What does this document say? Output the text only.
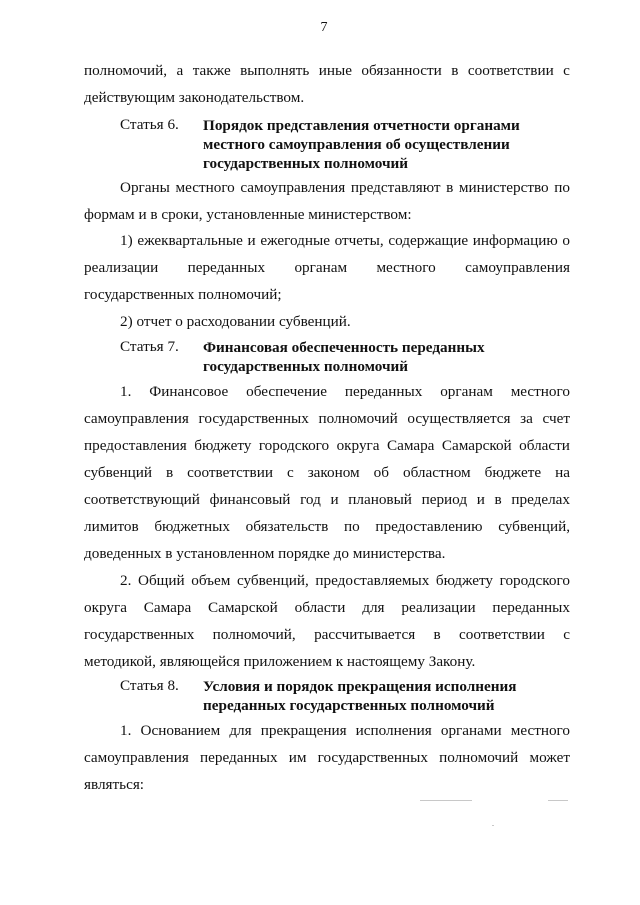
7
полномочий, а также выполнять иные обязанности в соответствии с
действующим законодательством.
Статья 6. Порядок представления отчетности органами
местного самоуправления об осуществлении
государственных полномочий
Органы местного самоуправления представляют в министерство по
формам и в сроки, установленные министерством:
1) ежеквартальные и ежегодные отчеты, содержащие информацию о
реализации переданных органам местного самоуправления
государственных полномочий;
2) отчет о расходовании субвенций.
Статья 7. Финансовая обеспеченность переданных
государственных полномочий
1. Финансовое обеспечение переданных органам местного
самоуправления государственных полномочий осуществляется за счет
предоставления бюджету городского округа Самара Самарской области
субвенций в соответствии с законом об областном бюджете на
соответствующий финансовый год и плановый период и в пределах
лимитов бюджетных обязательств по предоставлению субвенций,
доведенных в установленном порядке до министерства.
2. Общий объем субвенций, предоставляемых бюджету городского
округа Самара Самарской области для реализации переданных
государственных полномочий, рассчитывается в соответствии с
методикой, являющейся приложением к настоящему Закону.
Статья 8. Условия и порядок прекращения исполнения
переданных государственных полномочий
1. Основанием для прекращения исполнения органами местного
самоуправления переданных им государственных полномочий может
являться:
